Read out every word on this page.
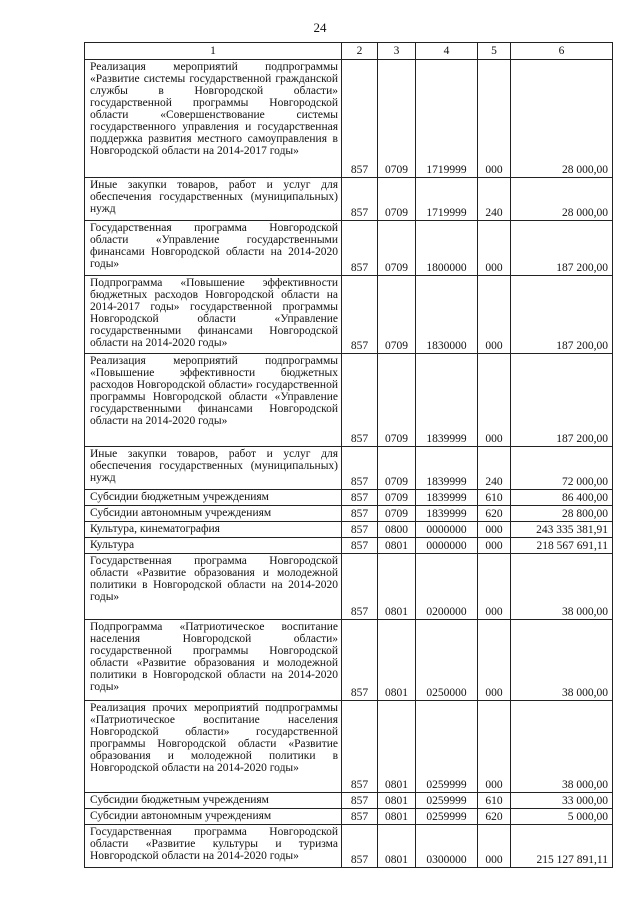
24
1	2	3	4	5	6
Реализация мероприятий подпрограммы «Развитие системы государственной гражданской службы в Новгородской области» государственной программы Новгородской области «Совершенствование системы государственного управления и государственная поддержка развития местного самоуправления в Новгородской области на 2014-2017 годы»	857	0709	1719999	000	28 000,00
Иные закупки товаров, работ и услуг для обеспечения государственных (муниципальных) нужд	857	0709	1719999	240	28 000,00
Государственная программа Новгородской области «Управление государственными финансами Новгородской области на 2014-2020 годы»	857	0709	1800000	000	187 200,00
Подпрограмма «Повышение эффективности бюджетных расходов Новгородской области на 2014-2017 годы» государственной программы Новгородской области «Управление государственными финансами Новгородской области на 2014-2020 годы»	857	0709	1830000	000	187 200,00
Реализация мероприятий подпрограммы «Повышение эффективности бюджетных расходов Новгородской области» государственной программы Новгородской области «Управление государственными финансами Новгородской области на 2014-2020 годы»	857	0709	1839999	000	187 200,00
Иные закупки товаров, работ и услуг для обеспечения государственных (муниципальных) нужд	857	0709	1839999	240	72 000,00
Субсидии бюджетным учреждениям	857	0709	1839999	610	86 400,00
Субсидии автономным учреждениям	857	0709	1839999	620	28 800,00
Культура, кинематография	857	0800	0000000	000	243 335 381,91
Культура	857	0801	0000000	000	218 567 691,11
Государственная программа Новгородской области «Развитие образования и молодежной политики в Новгородской области на 2014-2020 годы»	857	0801	0200000	000	38 000,00
Подпрограмма «Патриотическое воспитание населения Новгородской области» государственной программы Новгородской области «Развитие образования и молодежной политики в Новгородской области на 2014-2020 годы»	857	0801	0250000	000	38 000,00
Реализация прочих мероприятий подпрограммы «Патриотическое воспитание населения Новгородской области» государственной программы Новгородской области «Развитие образования и молодежной политики в Новгородской области на 2014-2020 годы»	857	0801	0259999	000	38 000,00
Субсидии бюджетным учреждениям	857	0801	0259999	610	33 000,00
Субсидии автономным учреждениям	857	0801	0259999	620	5 000,00
Государственная программа Новгородской области «Развитие культуры и туризма Новгородской области на 2014-2020 годы»	857	0801	0300000	000	215 127 891,11
